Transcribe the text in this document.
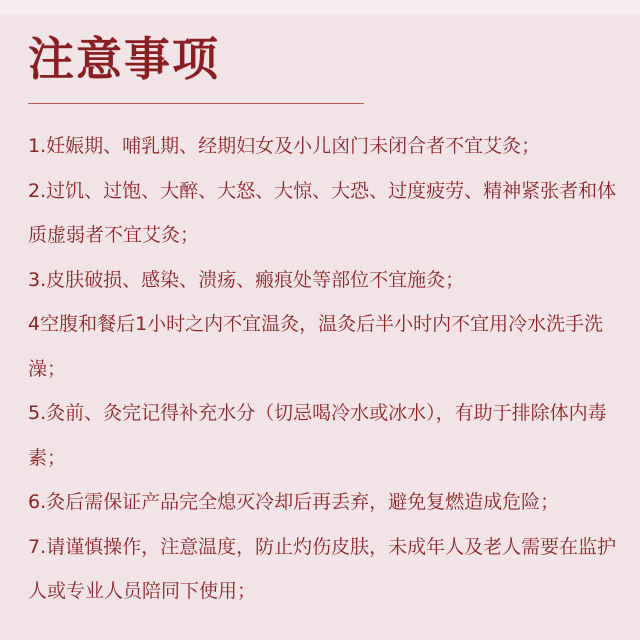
注意事项
1.妊娠期、哺乳期、经期妇女及小儿囟门未闭合者不宜艾灸；
2.过饥、过饱、大醉、大怒、大惊、大恐、过度疲劳、精神紧张者和体质虚弱者不宜艾灸；
3.皮肤破损、感染、溃疡、瘢痕处等部位不宜施灸；
4空腹和餐后1小时之内不宜温灸，温灸后半小时内不宜用冷水洗手洗澡；
5.灸前、灸完记得补充水分（切忌喝冷水或冰水），有助于排除体内毒素；
6.灸后需保证产品完全熄灭冷却后再丢弃，避免复燃造成危险；
7.请谨慎操作，注意温度，防止灼伤皮肤，未成年人及老人需要在监护人或专业人员陪同下使用；
